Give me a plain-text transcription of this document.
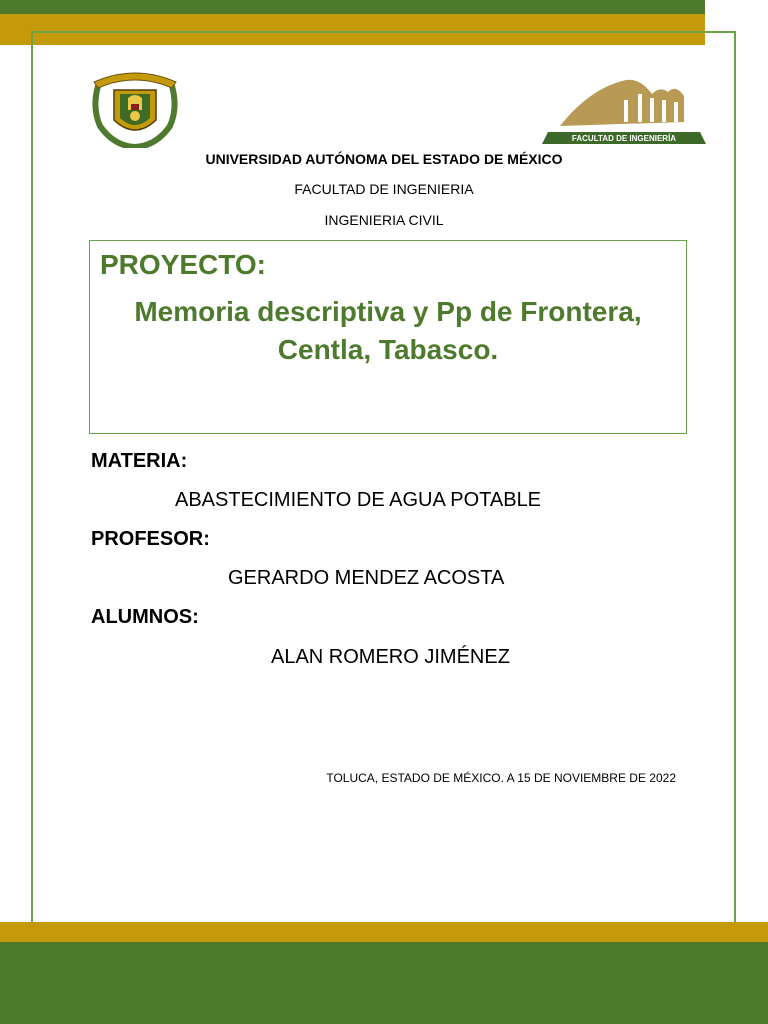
FACULTAD DE INGENIERÍA
UNIVERSIDAD AUTÓNOMA DEL ESTADO DE MÉXICO
FACULTAD DE INGENIERIA
INGENIERIA CIVIL
PROYECTO:
Memoria descriptiva y Pp de Frontera,
Centla, Tabasco.
MATERIA:
ABASTECIMIENTO DE AGUA POTABLE
PROFESOR:
GERARDO MENDEZ ACOSTA
ALUMNOS:
ALAN ROMERO JIMÉNEZ
TOLUCA, ESTADO DE MÉXICO. A 15 DE NOVIEMBRE DE 2022
